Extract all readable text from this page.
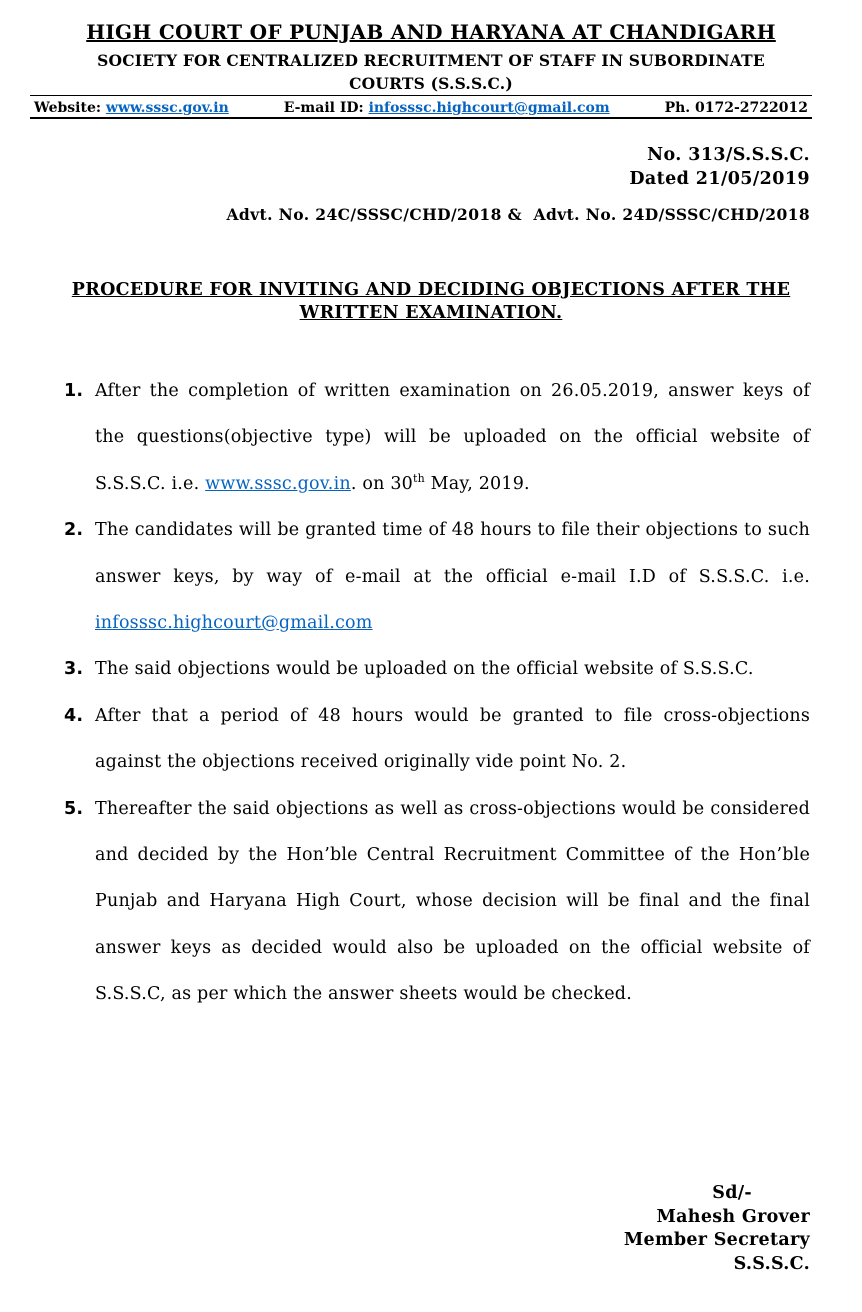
HIGH COURT OF PUNJAB AND HARYANA AT CHANDIGARH
SOCIETY FOR CENTRALIZED RECRUITMENT OF STAFF IN SUBORDINATE
COURTS (S.S.S.C.)
Website: www.sssc.gov.in	E-mail ID: infosssc.highcourt@gmail.com	Ph. 0172-2722012
No. 313/S.S.S.C.
Dated 21/05/2019
Advt. No. 24C/SSSC/CHD/2018 &  Advt. No. 24D/SSSC/CHD/2018
PROCEDURE FOR INVITING AND DECIDING OBJECTIONS AFTER THE
WRITTEN EXAMINATION.
1. After the completion of written examination on 26.05.2019, answer keys of the questions(objective type) will be uploaded on the official website of S.S.S.C. i.e. www.sssc.gov.in. on 30th May, 2019.
2. The candidates will be granted time of 48 hours to file their objections to such answer keys, by way of e-mail at the official e-mail I.D of S.S.S.C. i.e. infosssc.highcourt@gmail.com
3. The said objections would be uploaded on the official website of S.S.S.C.
4. After that a period of 48 hours would be granted to file cross-objections against the objections received originally vide point No. 2.
5. Thereafter the said objections as well as cross-objections would be considered and decided by the Hon’ble Central Recruitment Committee of the Hon’ble Punjab and Haryana High Court, whose decision will be final and the final answer keys as decided would also be uploaded on the official website of S.S.S.C, as per which the answer sheets would be checked.
Sd/-
Mahesh Grover
Member Secretary
S.S.S.C.
